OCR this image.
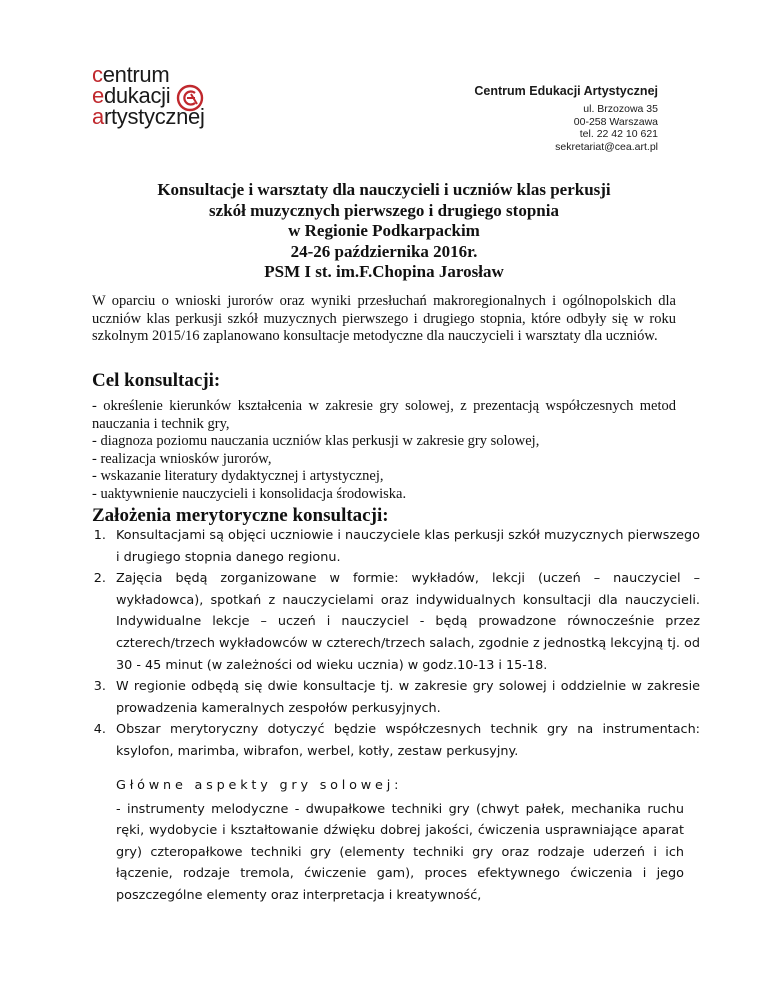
centrum
edukacji
artystycznej
Centrum Edukacji Artystycznej
ul. Brzozowa 35
00-258 Warszawa
tel. 22 42 10 621
sekretariat@cea.art.pl
Konsultacje i warsztaty dla nauczycieli i uczniów klas perkusji
szkół muzycznych pierwszego i drugiego stopnia
w Regionie Podkarpackim
24-26 października 2016r.
PSM I st. im.F.Chopina Jarosław

W oparciu o wnioski jurorów oraz wyniki przesłuchań makroregionalnych i ogólnopolskich dla uczniów klas perkusji szkół muzycznych pierwszego i drugiego stopnia, które odbyły się w roku szkolnym 2015/16 zaplanowano konsultacje metodyczne dla nauczycieli i warsztaty dla uczniów.

Cel konsultacji:
- określenie kierunków kształcenia w zakresie gry solowej, z prezentacją współczesnych metod nauczania i technik gry,
- diagnoza poziomu nauczania uczniów klas perkusji w zakresie gry solowej,
- realizacja wniosków jurorów,
- wskazanie literatury dydaktycznej i artystycznej,
- uaktywnienie nauczycieli i konsolidacja środowiska.
Założenia merytoryczne konsultacji:
1. Konsultacjami są objęci uczniowie i nauczyciele klas perkusji szkół muzycznych pierwszego i drugiego stopnia danego regionu.
2. Zajęcia będą zorganizowane w formie: wykładów, lekcji (uczeń – nauczyciel – wykładowca), spotkań z nauczycielami oraz indywidualnych konsultacji dla nauczycieli. Indywidualne lekcje – uczeń i nauczyciel - będą prowadzone równocześnie przez czterech/trzech wykładowców w czterech/trzech salach, zgodnie z jednostką lekcyjną tj. od 30 - 45 minut (w zależności od wieku ucznia) w godz.10-13 i 15-18.
3. W regionie odbędą się dwie konsultacje tj. w zakresie gry solowej i oddzielnie w zakresie prowadzenia kameralnych zespołów perkusyjnych.
4. Obszar merytoryczny dotyczyć będzie współczesnych technik gry na instrumentach: ksylofon, marimba, wibrafon, werbel, kotły, zestaw perkusyjny.
Główne aspekty gry solowej:
- instrumenty melodyczne - dwupałkowe techniki gry (chwyt pałek, mechanika ruchu ręki, wydobycie i kształtowanie dźwięku dobrej jakości, ćwiczenia usprawniające aparat gry) czteropałkowe techniki gry (elementy techniki gry oraz rodzaje uderzeń i ich łączenie, rodzaje tremola, ćwiczenie gam), proces efektywnego ćwiczenia i jego poszczególne elementy oraz interpretacja i kreatywność,
